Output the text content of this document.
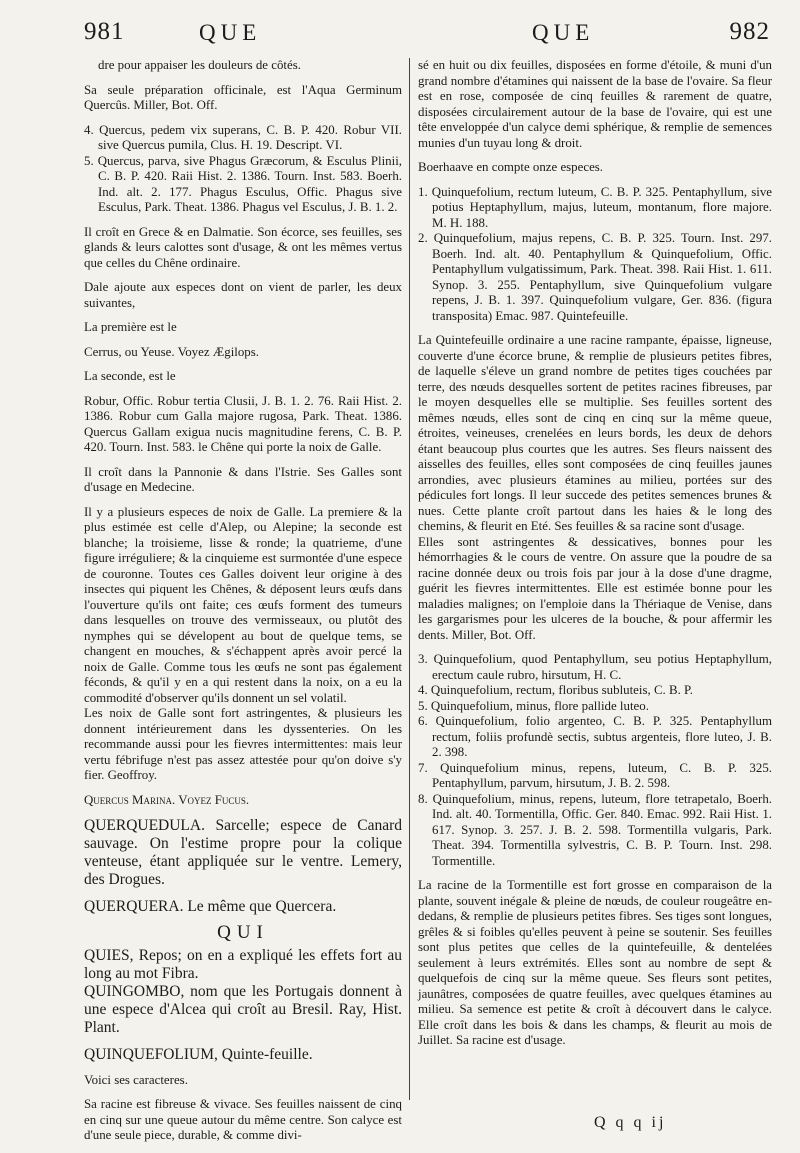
981	QUE	QUE	982

dre pour appaiser les douleurs de côtés.

Sa seule préparation officinale, est l'Aqua Germinum Quercûs. Miller, Bot. Off.

4. Quercus, pedem vix superans, C. B. P. 420. Robur VII. sive Quercus pumila, Clus. H. 19. Descript. VI.

5. Quercus, parva, sive Phagus Græcorum, & Esculus Plinii, C. B. P. 420. Raii Hist. 2. 1386. Tourn. Inst. 583. Boerh. Ind. alt. 2. 177. Phagus Esculus, Offic. Phagus sive Esculus, Park. Theat. 1386. Phagus vel Esculus, J. B. 1. 2.

Il croît en Grece & en Dalmatie. Son écorce, ses feuilles, ses glands & leurs calottes sont d'usage, & ont les mêmes vertus que celles du Chêne ordinaire.

Dale ajoute aux especes dont on vient de parler, les deux suivantes,

La première est le

Cerrus, ou Yeuse. Voyez Ægilops.

La seconde, est le

Robur, Offic. Robur tertia Clusii, J. B. 1. 2. 76. Raii Hist. 2. 1386. Robur cum Galla majore rugosa, Park. Theat. 1386. Quercus Gallam exigua nucis magnitudine ferens, C. B. P. 420. Tourn. Inst. 583. le Chêne qui porte la noix de Galle.

Il croît dans la Pannonie & dans l'Istrie. Ses Galles sont d'usage en Medecine.

Il y a plusieurs especes de noix de Galle. La premiere & la plus estimée est celle d'Alep, ou Alepine; la seconde est blanche; la troisieme, lisse & ronde; la quatrieme, d'une figure irréguliere; & la cinquieme est surmontée d'une espece de couronne. Toutes ces Galles doivent leur origine à des insectes qui piquent les Chênes, & déposent leurs œufs dans l'ouverture qu'ils ont faite; ces œufs forment des tumeurs dans lesquelles on trouve des vermisseaux, ou plutôt des nymphes qui se dévelopent au bout de quelque tems, se changent en mouches, & s'échappent après avoir percé la noix de Galle. Comme tous les œufs ne sont pas également féconds, & qu'il y en a qui restent dans la noix, on a eu la commodité d'observer qu'ils donnent un sel volatil.

Les noix de Galle sont fort astringentes, & plusieurs les donnent intérieurement dans les dyssenteries. On les recommande aussi pour les fievres intermittentes: mais leur vertu fébrifuge n'est pas assez attestée pour qu'on doive s'y fier. Geoffroy.

Quercus Marina. Voyez Fucus.

QUERQUEDULA. Sarcelle; espece de Canard sauvage. On l'estime propre pour la colique venteuse, étant appliquée sur le ventre. Lemery, des Drogues.

QUERQUERA. Le même que Quercera.

QUI

QUIES, Repos; on en a expliqué les effets fort au long au mot Fibra.

QUINGOMBO, nom que les Portugais donnent à une espece d'Alcea qui croît au Bresil. Ray, Hist. Plant.

QUINQUEFOLIUM, Quinte-feuille.

Voici ses caracteres.

Sa racine est fibreuse & vivace. Ses feuilles naissent de cinq en cinq sur une queue autour du même centre. Son calyce est d'une seule piece, durable, & comme divi-

sé en huit ou dix feuilles, disposées en forme d'étoile, & muni d'un grand nombre d'étamines qui naissent de la base de l'ovaire. Sa fleur est en rose, composée de cinq feuilles & rarement de quatre, disposées circulairement autour de la base de l'ovaire, qui est une tête enveloppée d'un calyce demi sphérique, & remplie de semences munies d'un tuyau long & droit.

Boerhaave en compte onze especes.

1. Quinquefolium, rectum luteum, C. B. P. 325. Pentaphyllum, sive potius Heptaphyllum, majus, luteum, montanum, flore majore. M. H. 188.

2. Quinquefolium, majus repens, C. B. P. 325. Tourn. Inst. 297. Boerh. Ind. alt. 40. Pentaphyllum & Quinquefolium, Offic. Pentaphyllum vulgatissimum, Park. Theat. 398. Raii Hist. 1. 611. Synop. 3. 255. Pentaphyllum, sive Quinquefolium vulgare repens, J. B. 1. 397. Quinquefolium vulgare, Ger. 836. (figura transposita) Emac. 987. Quintefeuille.

La Quintefeuille ordinaire a une racine rampante, épaisse, ligneuse, couverte d'une écorce brune, & remplie de plusieurs petites fibres, de laquelle s'éleve un grand nombre de petites tiges couchées par terre, des nœuds desquelles sortent de petites racines fibreuses, par le moyen desquelles elle se multiplie. Ses feuilles sortent des mêmes nœuds, elles sont de cinq en cinq sur la même queue, étroites, veineuses, crenelées en leurs bords, les deux de dehors étant beaucoup plus courtes que les autres. Ses fleurs naissent des aisselles des feuilles, elles sont composées de cinq feuilles jaunes arrondies, avec plusieurs étamines au milieu, portées sur des pédicules fort longs. Il leur succede des petites semences brunes & nues. Cette plante croît partout dans les haies & le long des chemins, & fleurit en Eté. Ses feuilles & sa racine sont d'usage.

Elles sont astringentes & dessicatives, bonnes pour les hémorrhagies & le cours de ventre. On assure que la poudre de sa racine donnée deux ou trois fois par jour à la dose d'une dragme, guérit les fievres intermittentes. Elle est estimée bonne pour les maladies malignes; on l'emploie dans la Thériaque de Venise, dans les gargarismes pour les ulceres de la bouche, & pour affermir les dents. Miller, Bot. Off.

3. Quinquefolium, quod Pentaphyllum, seu potius Heptaphyllum, erectum caule rubro, hirsutum, H. C.

4. Quinquefolium, rectum, floribus subluteis, C. B. P.

5. Quinquefolium, minus, flore pallide luteo.

6. Quinquefolium, folio argenteo, C. B. P. 325. Pentaphyllum rectum, foliis profundè sectis, subtus argenteis, flore luteo, J. B. 2. 398.

7. Quinquefolium minus, repens, luteum, C. B. P. 325. Pentaphyllum, parvum, hirsutum, J. B. 2. 598.

8. Quinquefolium, minus, repens, luteum, flore tetrapetalo, Boerh. Ind. alt. 40. Tormentilla, Offic. Ger. 840. Emac. 992. Raii Hist. 1. 617. Synop. 3. 257. J. B. 2. 598. Tormentilla vulgaris, Park. Theat. 394. Tormentilla sylvestris, C. B. P. Tourn. Inst. 298. Tormentille.

La racine de la Tormentille est fort grosse en comparaison de la plante, souvent inégale & pleine de nœuds, de couleur rougeâtre en-dedans, & remplie de plusieurs petites fibres. Ses tiges sont longues, grêles & si foibles qu'elles peuvent à peine se soutenir. Ses feuilles sont plus petites que celles de la quintefeuille, & dentelées seulement à leurs extrémités. Elles sont au nombre de sept & quelquefois de cinq sur la même queue. Ses fleurs sont petites, jaunâtres, composées de quatre feuilles, avec quelques étamines au milieu. Sa semence est petite & croît à découvert dans le calyce. Elle croît dans les bois & dans les champs, & fleurit au mois de Juillet. Sa racine est d'usage.

Q q q ij
